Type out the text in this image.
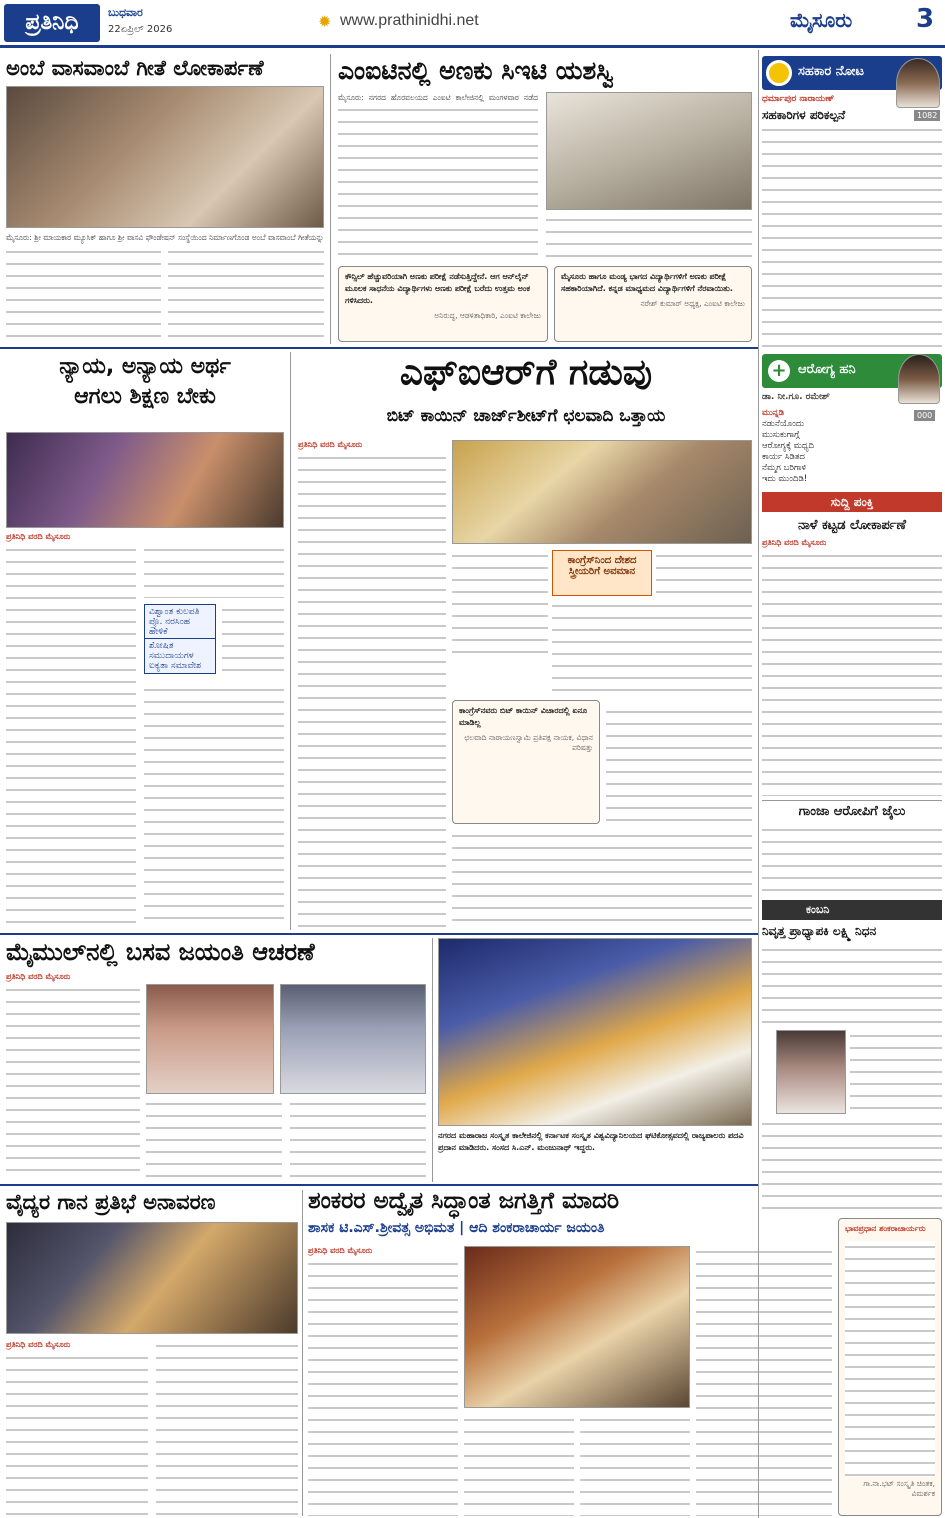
ಪ್ರತಿನಿಧಿ	ಬುಧವಾರ
22ಏಪ್ರಿಲ್ 2026	✹ www.prathinidhi.net	ಮೈಸೂರು 3
ಅಂಬೆ ವಾಸವಾಂಬೆ ಗೀತೆ ಲೋಕಾರ್ಪಣೆ
ಮೈಸೂರು: ಶ್ರೀ ಮಾಯಕಾರ ಮ್ಯೂಸಿಕ್ ಹಾಗೂ ಶ್ರೀ ವಾಸವಿ ಫೌಂಡೇಷನ್ ಸಂಸ್ಥೆಯಿಂದ ನಿರ್ಮಾಣಗೊಂಡ ಅಂಬೆ ವಾಸವಾಂಬೆ ಗೀತೆಯನ್ನು
ಎಂಐಟಿನಲ್ಲಿ ಅಣಕು ಸಿಇಟಿ ಯಶಸ್ವಿ
ಮೈಸೂರು: ನಗರದ ಹೊರವಲಯದ ಎಂಐಟಿ ಕಾಲೇಜಿನಲ್ಲಿ ಮಂಗಳವಾರ ನಡೆದ
ಕೌನ್ಸಿಲ್ ಹೆಚ್ಚುವರಿಯಾಗಿ ಅಣಕು ಪರೀಕ್ಷೆ ನಡೆಸುತ್ತಿದ್ದೇನೆ. ಆಗ ಆನ್‌ಲೈನ್ ಮೂಲಕ ಸಾಧನೆಯ ವಿದ್ಯಾರ್ಥಿಗಳು ಅಣಕು ಪರೀಕ್ಷೆ ಬರೆದು ಉತ್ತಮ ಅಂಕ ಗಳಿಸಿದರು.
ಅನಿರುದ್ಧ, ಆಡಳಿತಾಧಿಕಾರಿ, ಎಂಐಟಿ ಕಾಲೇಜು
ಮೈಸೂರು ಹಾಗೂ ಮಂಡ್ಯ ಭಾಗದ ವಿದ್ಯಾರ್ಥಿಗಳಿಗೆ ಅಣಕು ಪರೀಕ್ಷೆ ಸಹಕಾರಿಯಾಗಿದೆ. ಕನ್ನಡ ಮಾಧ್ಯಮದ ವಿದ್ಯಾರ್ಥಿಗಳಿಗೆ ನೆರವಾಯಿತು.
ನರೇಶ್ ಕುಮಾರ್ ಅಧ್ಯಕ್ಷ, ಎಂಐಟಿ ಕಾಲೇಜು
ನ್ಯಾಯ, ಅನ್ಯಾಯ ಅರ್ಥ
ಆಗಲು ಶಿಕ್ಷಣ ಬೇಕು
ಪ್ರತಿನಿಧಿ ವರದಿ ಮೈಸೂರು
ವಿಶ್ವಾಂತ ಕುಲಪತಿ ಪ್ರೊ. ನರಸಿಂಹ ಹೇಳಿಕೆ
ಶೋಷಿತ ಸಮುದಾಯಗಳ ಐಕ್ಯತಾ ಸಮಾವೇಶ
ಎಫ್‌ಐಆರ್‌ಗೆ ಗಡುವು
ಬಿಟ್ ಕಾಯಿನ್ ಚಾರ್ಜ್‌ಶೀಟ್‌ಗೆ ಛಲವಾದಿ ಒತ್ತಾಯ
ಪ್ರತಿನಿಧಿ ವರದಿ ಮೈಸೂರು
ಕಾಂಗ್ರೆಸ್‌ನಿಂದ ದೇಶದ ಸ್ತ್ರೀಯರಿಗೆ ಅವಮಾನ
ಕಾಂಗ್ರೆಸ್‌ನವರು ಬಿಟ್ ಕಾಯಿನ್ ವಿಚಾರದಲ್ಲಿ ಏನೂ ಮಾಡಿಲ್ಲ
ಛಲವಾದಿ ನಾರಾಯಣಸ್ವಾಮಿ ಪ್ರತಿಪಕ್ಷ ನಾಯಕ, ವಿಧಾನ ಪರಿಷತ್ತು
ಮೈಮುಲ್‌ನಲ್ಲಿ ಬಸವ ಜಯಂತಿ ಆಚರಣೆ
ಪ್ರತಿನಿಧಿ ವರದಿ ಮೈಸೂರು
ನಗರದ ಮಹಾರಾಜ ಸಂಸ್ಕೃತ ಕಾಲೇಜಿನಲ್ಲಿ ಕರ್ನಾಟಕ ಸಂಸ್ಕೃತ ವಿಶ್ವವಿದ್ಯಾನಿಲಯದ ಘಟಿಕೋತ್ಸವದಲ್ಲಿ ರಾಜ್ಯಪಾಲರು ಪದವಿ ಪ್ರದಾನ ಮಾಡಿದರು. ಸಂಸದ ಸಿ.ಎನ್. ಮಂಜುನಾಥ್ ಇದ್ದರು.
ವೈದ್ಯರ ಗಾನ ಪ್ರತಿಭೆ ಅನಾವರಣ
ಪ್ರತಿನಿಧಿ ವರದಿ ಮೈಸೂರು
ಶಂಕರರ ಅದ್ವೈತ ಸಿದ್ಧಾಂತ ಜಗತ್ತಿಗೆ ಮಾದರಿ
ಶಾಸಕ ಟಿ.ಎಸ್.ಶ್ರೀವತ್ಸ ಅಭಿಮತ | ಆದಿ ಶಂಕರಾಚಾರ್ಯ ಜಯಂತಿ
ಪ್ರತಿನಿಧಿ ವರದಿ ಮೈಸೂರು
ಭಾವಪ್ರಧಾನ ಶಂಕರಾಚಾರ್ಯರು
ಗಾ.ನಾ.ಭಟ್ ಸಂಸ್ಕೃತಿ ಚಿಂತಕ, ವಿಮರ್ಶಕ
ಸಹಕಾರ ನೋಟ
ಧರ್ಮಾಪುರ ನಾರಾಯಣ್
ಸಹಕಾರಿಗಳ ಪರಿಕಲ್ಪನೆ	1082
+ ಆರೋಗ್ಯ ಹನಿ
ಡಾ. ನೀ.ಗೂ. ರಮೇಶ್
000
ಮುನ್ನಡಿ
ನಡುನೆಯೊಂದು
ಮುಸುಕುಗಾಗ್ಗೆ
ಆರೋಗ್ಯಕ್ಕೆ ಮಧ್ಯದಿ
ಕಾರ್ಯ ಸಿಡಿತದ
ನೆಮ್ಮಗ ಬರಿಗಾಳಿ
ಇದು ಮುಂದಿಡಿ!
ಸುದ್ದಿ ಪಂಕ್ತಿ
ನಾಳೆ ಕಟ್ಟಡ ಲೋಕಾರ್ಪಣೆ
ಪ್ರತಿನಿಧಿ ವರದಿ ಮೈಸೂರು
ಗಾಂಜಾ ಆರೋಪಿಗೆ ಜೈಲು
ಕಂಬನಿ
ನಿವೃತ್ತ ಪ್ರಾಧ್ಯಾಪಕಿ ಲಕ್ಷ್ಮಿ ನಿಧನ
